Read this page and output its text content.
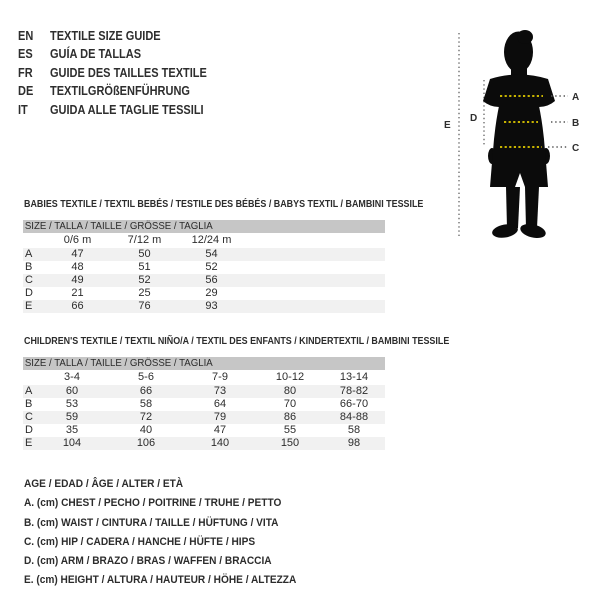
EN	TEXTILE SIZE GUIDE
ES	GUÍA DE TALLAS
FR	GUIDE DES TAILLES TEXTILE
DE	TEXTILGRÖßENFÜHRUNG
IT	GUIDA ALLE TAGLIE TESSILI
A
B
C
D
E
BABIES TEXTILE / TEXTIL BEBÉS / TESTILE DES BÉBÉS / BABYS TEXTIL / BAMBINI TESSILE
SIZE / TALLA / TAILLE / GRÖSSE / TAGLIA
	0/6 m	7/12 m	12/24 m	
A	47	50	54	
B	48	51	52	
C	49	52	56	
D	21	25	29	
E	66	76	93	
CHILDREN'S TEXTILE / TEXTIL NIÑO/A / TEXTIL DES ENFANTS / KINDERTEXTIL / BAMBINI TESSILE
SIZE / TALLA / TAILLE / GRÖSSE / TAGLIA
	3-4	5-6	7-9	10-12	13-14
A	60	66	73	80	78-82
B	53	58	64	70	66-70
C	59	72	79	86	84-88
D	35	40	47	55	58
E	104	106	140	150	98
AGE / EDAD / ÂGE / ALTER / ETÀ
A. (cm) CHEST / PECHO / POITRINE / TRUHE / PETTO
B. (cm) WAIST / CINTURA / TAILLE / HÜFTUNG / VITA
C. (cm) HIP / CADERA / HANCHE / HÜFTE / HIPS
D. (cm) ARM / BRAZO / BRAS / WAFFEN / BRACCIA
E. (cm) HEIGHT / ALTURA / HAUTEUR / HÖHE / ALTEZZA
